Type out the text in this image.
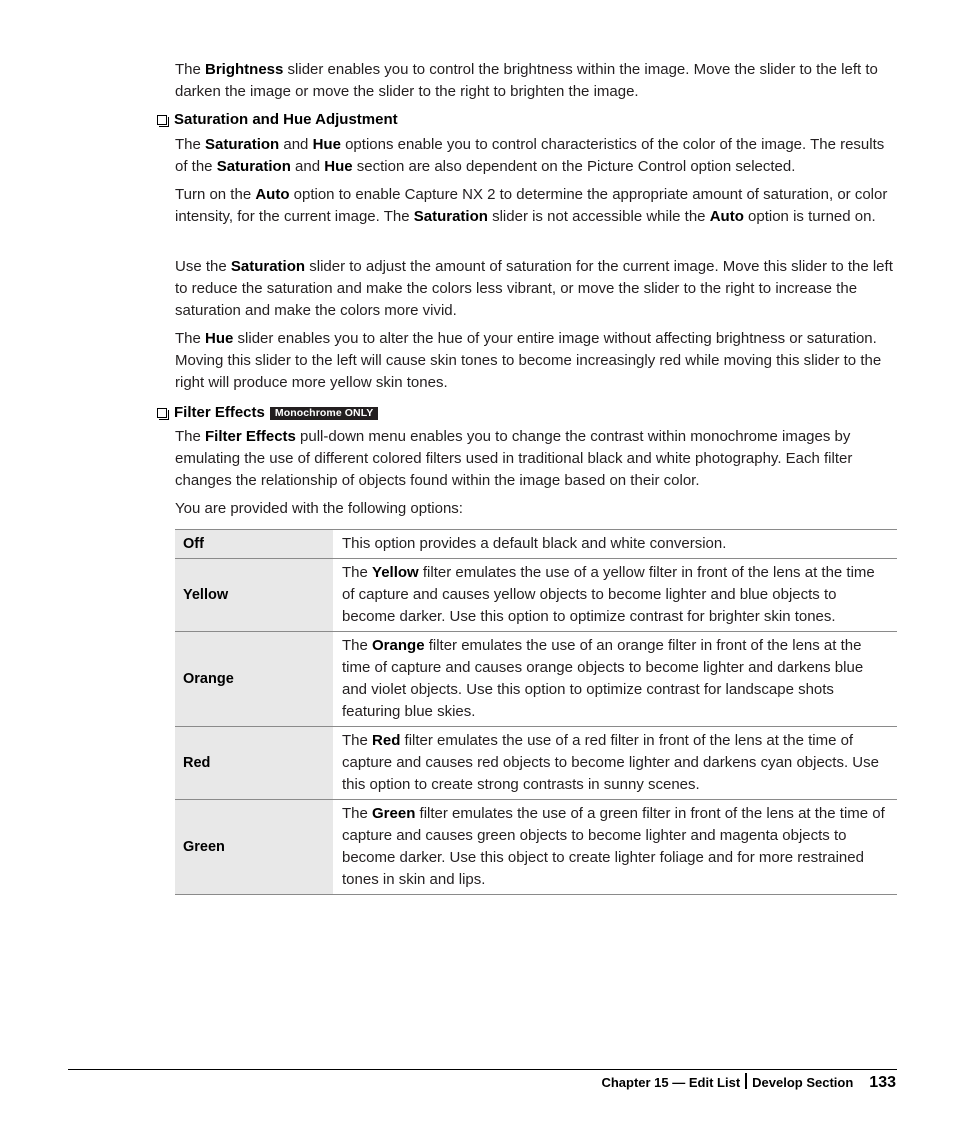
The Brightness slider enables you to control the brightness within the image. Move the slider to the left to darken the image or move the slider to the right to brighten the image.

Saturation and Hue Adjustment

The Saturation and Hue options enable you to control characteristics of the color of the image. The results of the Saturation and Hue section are also dependent on the Picture Control option selected.

Turn on the Auto option to enable Capture NX 2 to determine the appropriate amount of saturation, or color intensity, for the current image. The Saturation slider is not accessible while the Auto option is turned on.

Use the Saturation slider to adjust the amount of saturation for the current image. Move this slider to the left to reduce the saturation and make the colors less vibrant, or move the slider to the right to increase the saturation and make the colors more vivid.

The Hue slider enables you to alter the hue of your entire image without affecting brightness or saturation. Moving this slider to the left will cause skin tones to become increasingly red while moving this slider to the right will produce more yellow skin tones.

Filter Effects Monochrome ONLY

The Filter Effects pull-down menu enables you to change the contrast within monochrome images by emulating the use of different colored filters used in traditional black and white photography. Each filter changes the relationship of objects found within the image based on their color.

You are provided with the following options:

Off		This option provides a default black and white conversion.
Yellow		The Yellow filter emulates the use of a yellow filter in front of the lens at the time of capture and causes yellow objects to become lighter and blue objects to become darker. Use this option to optimize contrast for brighter skin tones.
Orange		The Orange filter emulates the use of an orange filter in front of the lens at the time of capture and causes orange objects to become lighter and darkens blue and violet objects. Use this option to optimize contrast for landscape shots featuring blue skies.
Red		The Red filter emulates the use of a red filter in front of the lens at the time of capture and causes red objects to become lighter and darkens cyan objects. Use this option to create strong contrasts in sunny scenes.
Green		The Green filter emulates the use of a green filter in front of the lens at the time of capture and causes green objects to become lighter and magenta objects to become darker. Use this object to create lighter foliage and for more restrained tones in skin and lips.
Chapter 15 — Edit List Develop Section 133
